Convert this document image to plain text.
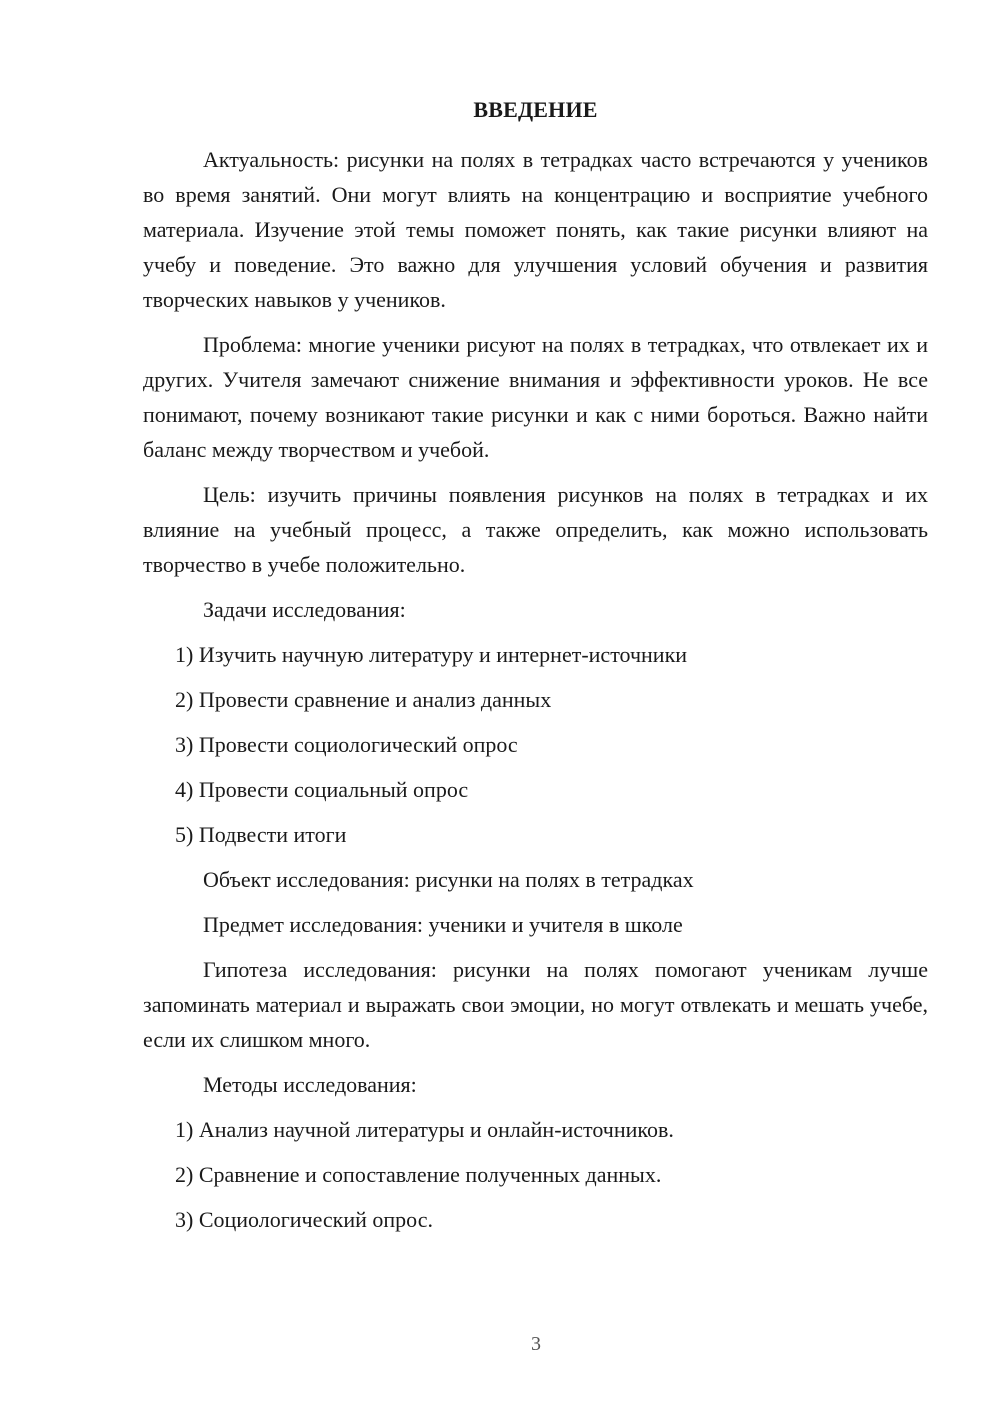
ВВЕДЕНИЕ
Актуальность: рисунки на полях в тетрадках часто встречаются у учеников во время занятий. Они могут влиять на концентрацию и восприятие учебного материала. Изучение этой темы поможет понять, как такие рисунки влияют на учебу и поведение. Это важно для улучшения условий обучения и развития творческих навыков у учеников.
Проблема: многие ученики рисуют на полях в тетрадках, что отвлекает их и других. Учителя замечают снижение внимания и эффективности уроков. Не все понимают, почему возникают такие рисунки и как с ними бороться. Важно найти баланс между творчеством и учебой.
Цель: изучить причины появления рисунков на полях в тетрадках и их влияние на учебный процесс, а также определить, как можно использовать творчество в учебе положительно.
Задачи исследования:
1) Изучить научную литературу и интернет-источники
2) Провести сравнение и анализ данных
3) Провести социологический опрос
4) Провести социальный опрос
5) Подвести итоги
Объект исследования: рисунки на полях в тетрадках
Предмет исследования: ученики и учителя в школе
Гипотеза исследования: рисунки на полях помогают ученикам лучше запоминать материал и выражать свои эмоции, но могут отвлекать и мешать учебе, если их слишком много.
Методы исследования:
1) Анализ научной литературы и онлайн-источников.
2) Сравнение и сопоставление полученных данных.
3) Социологический опрос.
3
